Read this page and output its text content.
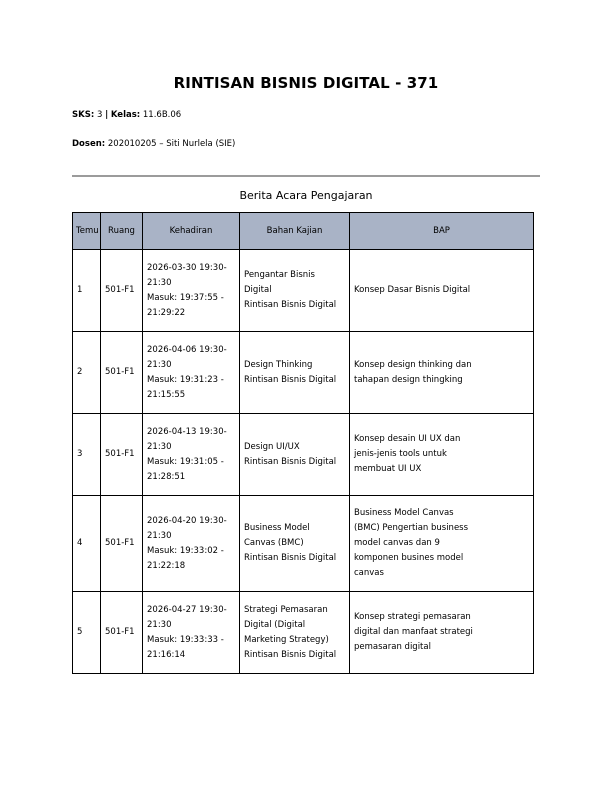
RINTISAN BISNIS DIGITAL - 371
SKS: 3 | Kelas: 11.6B.06
Dosen: 202010205 – Siti Nurlela (SIE)
Berita Acara Pengajaran
Temu	Ruang	Kehadiran	Bahan Kajian	BAP
1	501-F1	2026-03-30 19:30-
21:30
Masuk: 19:37:55 -
21:29:22	Pengantar Bisnis
Digital
Rintisan Bisnis Digital	Konsep Dasar Bisnis Digital
2	501-F1	2026-04-06 19:30-
21:30
Masuk: 19:31:23 -
21:15:55	Design Thinking
Rintisan Bisnis Digital	Konsep design thinking dan
tahapan design thingking
3	501-F1	2026-04-13 19:30-
21:30
Masuk: 19:31:05 -
21:28:51	Design UI/UX
Rintisan Bisnis Digital	Konsep desain UI UX dan
jenis-jenis tools untuk
membuat UI UX
4	501-F1	2026-04-20 19:30-
21:30
Masuk: 19:33:02 -
21:22:18	Business Model
Canvas (BMC)
Rintisan Bisnis Digital	Business Model Canvas
(BMC) Pengertian business
model canvas dan 9
komponen busines model
canvas
5	501-F1	2026-04-27 19:30-
21:30
Masuk: 19:33:33 -
21:16:14	Strategi Pemasaran
Digital (Digital
Marketing Strategy)
Rintisan Bisnis Digital	Konsep strategi pemasaran
digital dan manfaat strategi
pemasaran digital
